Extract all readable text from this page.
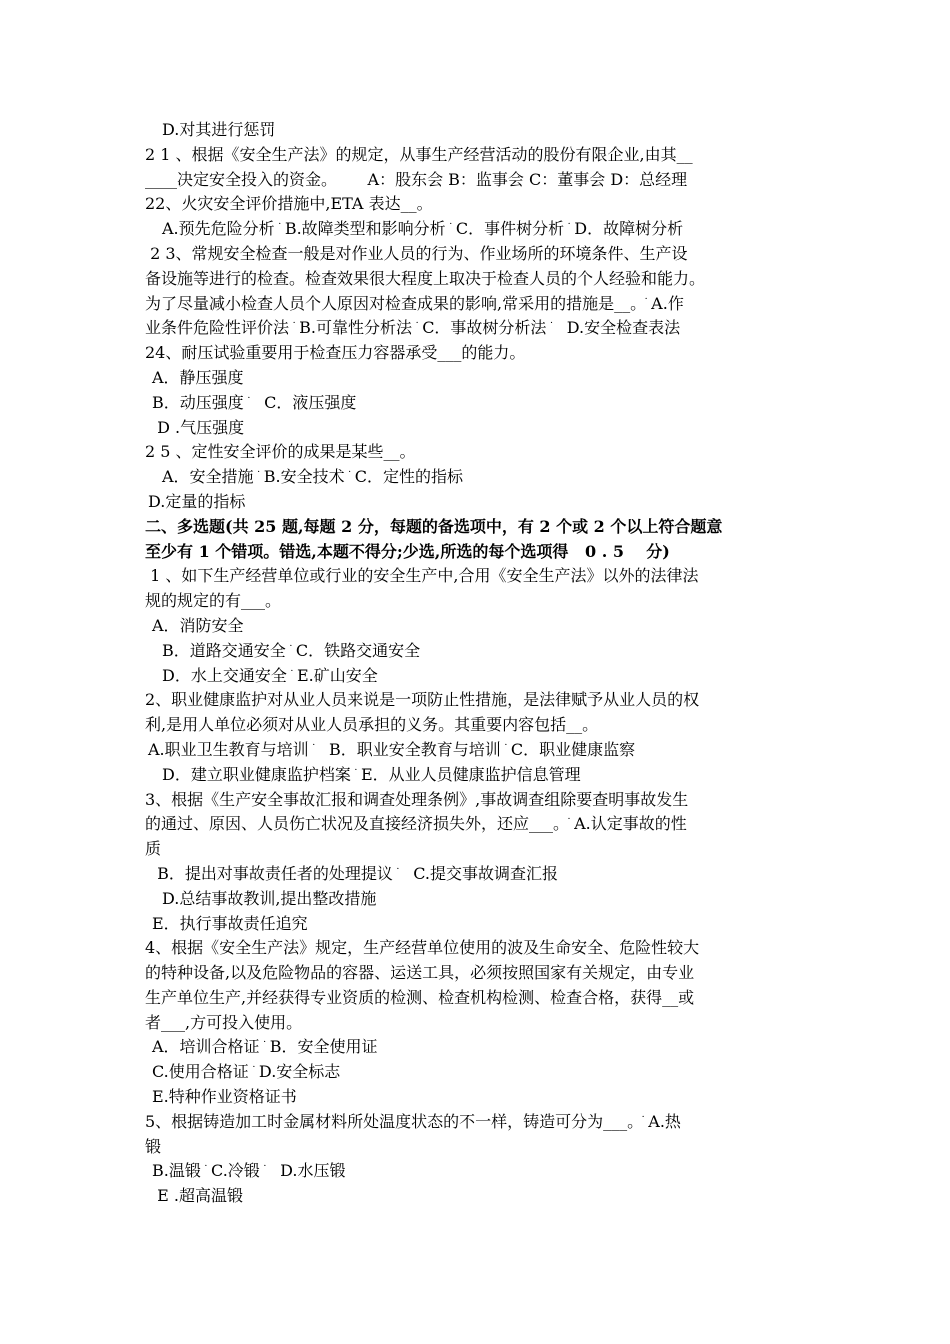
D.对其进行惩罚
2 1 、根据《安全生产法》的规定，从事生产经营活动的股份有限企业,由其__
____决定安全投入的资金。      A：股东会 B：监事会 C：董事会 D：总经理
22、火灾安全评价措施中,ETA 表达__。
A.预先危险分析 ֺ B.故障类型和影响分析 ֺ C．事件树分析 ֺ D．故障树分析
2 3、常规安全检查一般是对作业人员的行为、作业场所的环境条件、生产设
备设施等进行的检查。检查效果很大程度上取决于检查人员的个人经验和能力。
为了尽量减小检查人员个人原因对检查成果的影响,常采用的措施是__。ֺ A.作
业条件危险性评价法 ֺ B.可靠性分析法 ֺ C．事故树分析法 ֺ   D.安全检查表法
24、耐压试验重要用于检查压力容器承受___的能力。
A．静压强度
B．动压强度 ֺ   C．液压强度
D .气压强度
2 5 、定性安全评价的成果是某些__。
A．安全措施 ֺ B.安全技术 ֺ C．定性的指标
D.定量的指标
二、多选题(共 25 题,每题 2 分，每题的备选项中，有 2 个或 2 个以上符合题意
至少有 1 个错项。错选,本题不得分;少选,所选的每个选项得   0 . 5    分)
1 、如下生产经营单位或行业的安全生产中,合用《安全生产法》以外的法律法
规的规定的有___。
A．消防安全
B．道路交通安全 ֺ C．铁路交通安全
D．水上交通安全 ֺ E.矿山安全
2、职业健康监护对从业人员来说是一项防止性措施，是法律赋予从业人员的权
利,是用人单位必须对从业人员承担的义务。其重要内容包括__。
A.职业卫生教育与培训 ֺ   B．职业安全教育与培训 ֺ C．职业健康监察
D．建立职业健康监护档案 ֺ E．从业人员健康监护信息管理
3、根据《生产安全事故汇报和调查处理条例》,事故调查组除要查明事故发生
的通过、原因、人员伤亡状况及直接经济损失外，还应___。ֺ A.认定事故的性
质
B．提出对事故责任者的处理提议 ֺ   C.提交事故调查汇报
D.总结事故教训,提出整改措施
E．执行事故责任追究
4、根据《安全生产法》规定，生产经营单位使用的波及生命安全、危险性较大
的特种设备,以及危险物品的容器、运送工具，必须按照国家有关规定，由专业
生产单位生产,并经获得专业资质的检测、检查机构检测、检查合格，获得__或
者___,方可投入使用。
A．培训合格证 ֺ B．安全使用证
C.使用合格证 ֺ D.安全标志
E.特种作业资格证书
5、根据铸造加工时金属材料所处温度状态的不一样，铸造可分为___。ֺ A.热
锻
B.温锻 ֺ C.冷锻 ֺ   D.水压锻
E .超高温锻
